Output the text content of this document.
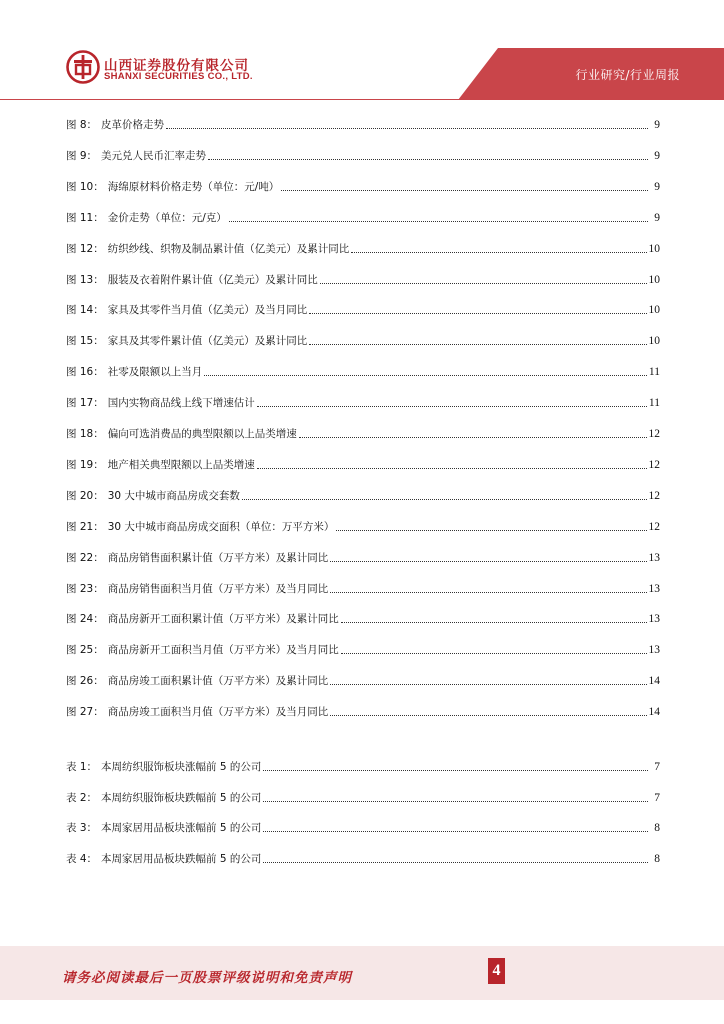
山西证券股份有限公司
SHANXI SECURITIES CO., LTD.	行业研究/行业周报
图 8： 皮革价格走势	9
图 9： 美元兑人民币汇率走势	9
图 10： 海绵原材料价格走势（单位：元/吨）	9
图 11： 金价走势（单位：元/克）	9
图 12： 纺织纱线、织物及制品累计值（亿美元）及累计同比	10
图 13： 服装及衣着附件累计值（亿美元）及累计同比	10
图 14： 家具及其零件当月值（亿美元）及当月同比	10
图 15： 家具及其零件累计值（亿美元）及累计同比	10
图 16： 社零及限额以上当月	11
图 17： 国内实物商品线上线下增速估计	11
图 18： 偏向可选消费品的典型限额以上品类增速	12
图 19： 地产相关典型限额以上品类增速	12
图 20： 30 大中城市商品房成交套数	12
图 21： 30 大中城市商品房成交面积（单位：万平方米）	12
图 22： 商品房销售面积累计值（万平方米）及累计同比	13
图 23： 商品房销售面积当月值（万平方米）及当月同比	13
图 24： 商品房新开工面积累计值（万平方米）及累计同比	13
图 25： 商品房新开工面积当月值（万平方米）及当月同比	13
图 26： 商品房竣工面积累计值（万平方米）及累计同比	14
图 27： 商品房竣工面积当月值（万平方米）及当月同比	14
表 1： 本周纺织服饰板块涨幅前 5 的公司	7
表 2： 本周纺织服饰板块跌幅前 5 的公司	7
表 3： 本周家居用品板块涨幅前 5 的公司	8
表 4： 本周家居用品板块跌幅前 5 的公司	8
请务必阅读最后一页股票评级说明和免责声明	4
